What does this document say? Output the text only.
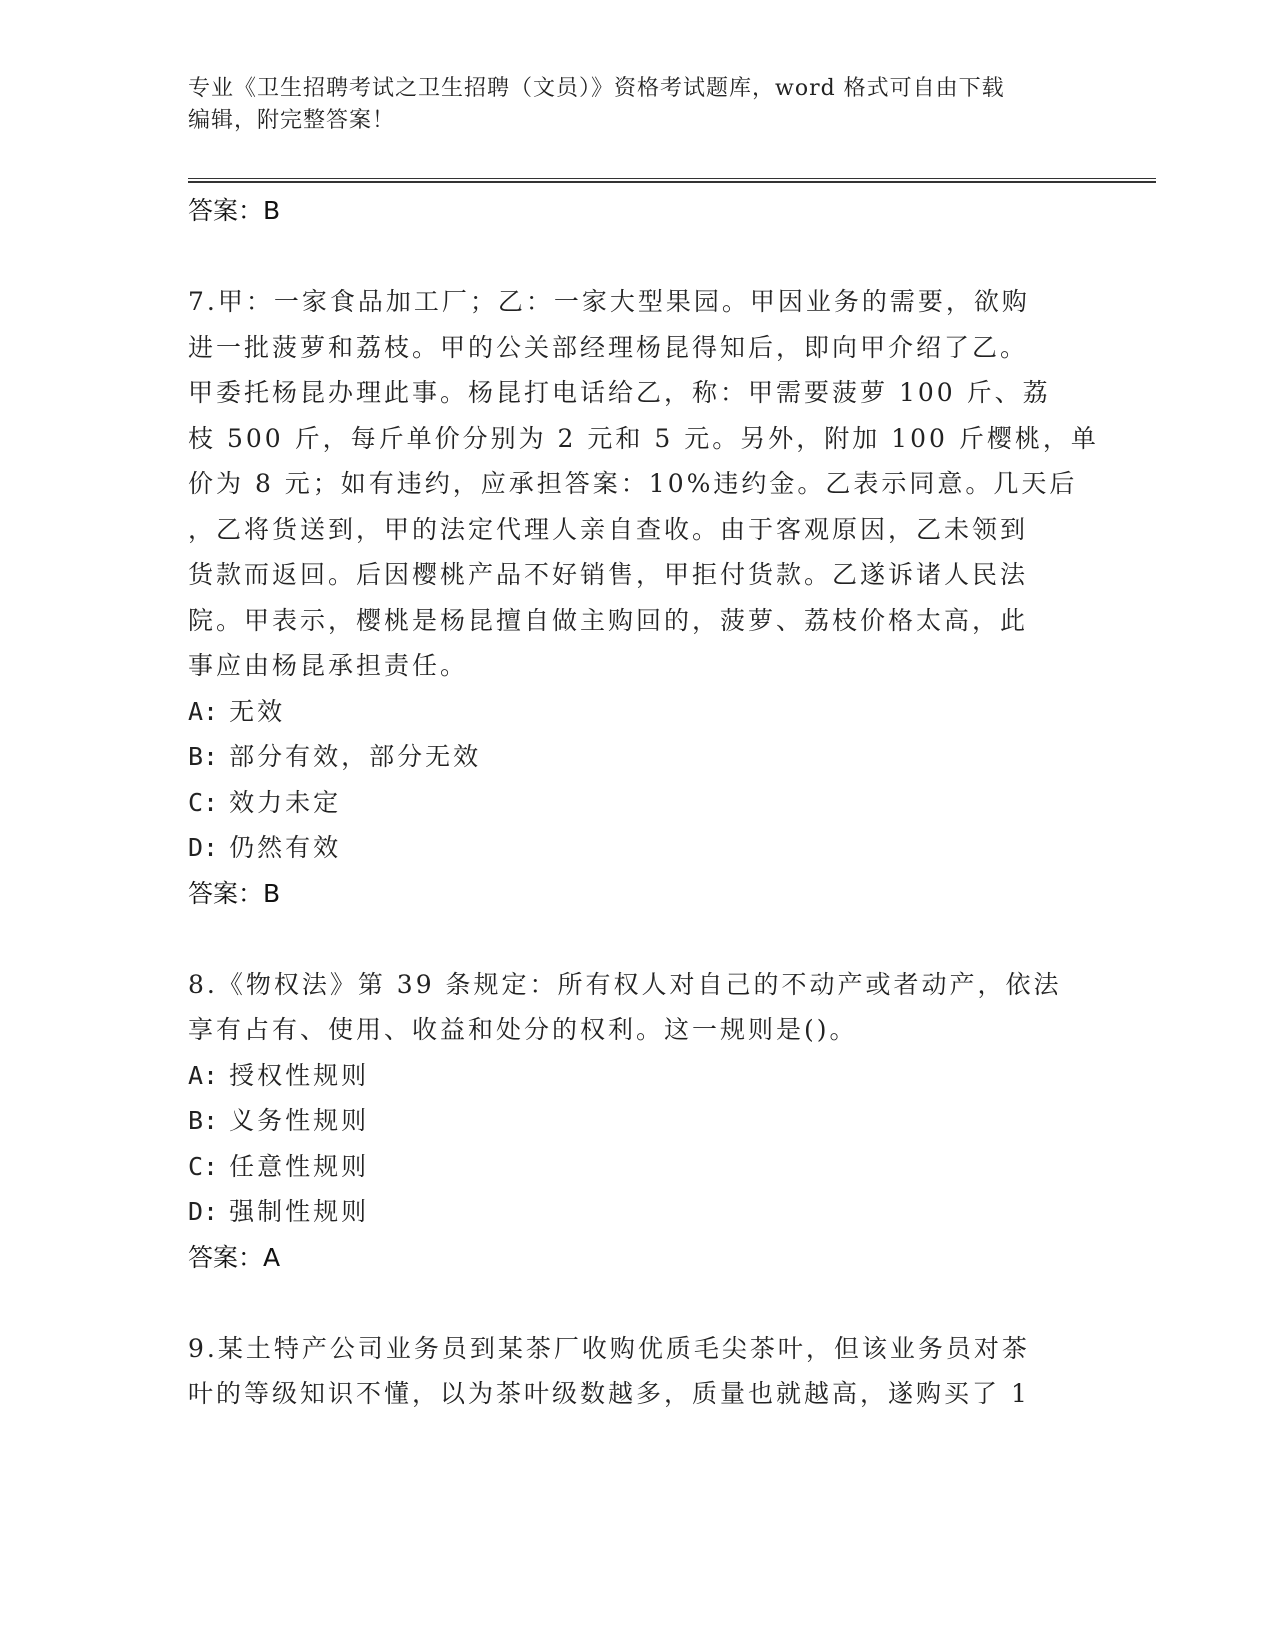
专业《卫生招聘考试之卫生招聘（文员）》资格考试题库，word 格式可自由下载
编辑，附完整答案！
答案：B
7.甲：一家食品加工厂；乙：一家大型果园。甲因业务的需要，欲购
进一批菠萝和荔枝。甲的公关部经理杨昆得知后，即向甲介绍了乙。
甲委托杨昆办理此事。杨昆打电话给乙，称：甲需要菠萝 100 斤、荔
枝 500 斤，每斤单价分别为 2 元和 5 元。另外，附加 100 斤樱桃，单
价为 8 元；如有违约，应承担答案：10%违约金。乙表示同意。几天后
，乙将货送到，甲的法定代理人亲自查收。由于客观原因，乙未领到
货款而返回。后因樱桃产品不好销售，甲拒付货款。乙遂诉诸人民法
院。甲表示，樱桃是杨昆擅自做主购回的，菠萝、荔枝价格太高，此
事应由杨昆承担责任。
A: 无效
B: 部分有效，部分无效
C: 效力未定
D: 仍然有效
答案：B
8.《物权法》第 39 条规定：所有权人对自己的不动产或者动产，依法
享有占有、使用、收益和处分的权利。这一规则是()。
A: 授权性规则
B: 义务性规则
C: 任意性规则
D: 强制性规则
答案：A
9.某土特产公司业务员到某茶厂收购优质毛尖茶叶，但该业务员对茶
叶的等级知识不懂，以为茶叶级数越多，质量也就越高，遂购买了 1
